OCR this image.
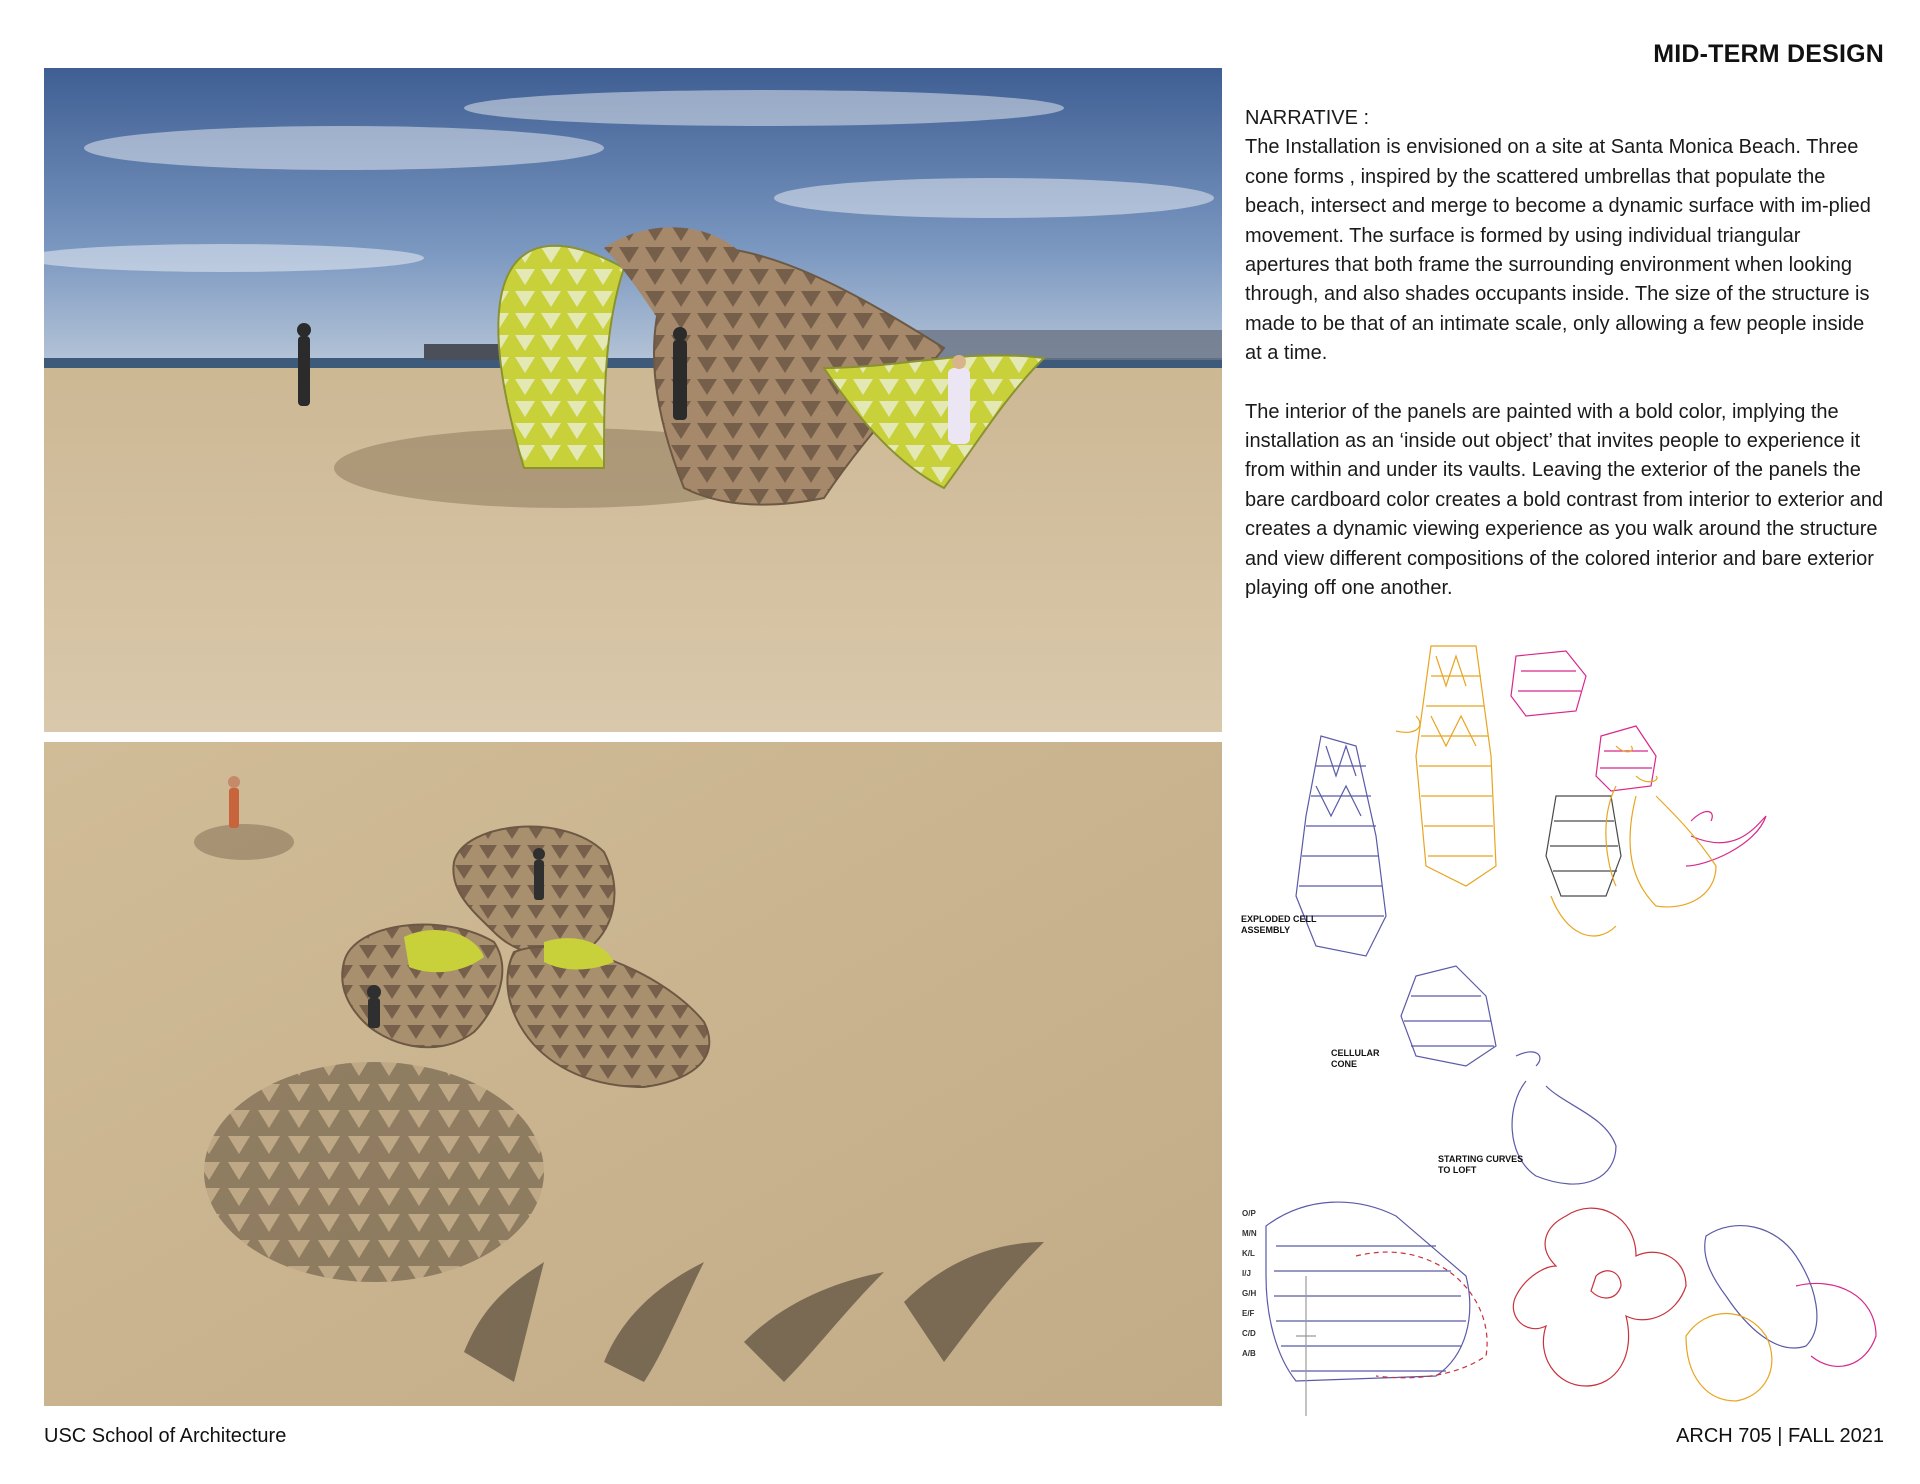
MID-TERM DESIGN

NARRATIVE :

The Installation is envisioned on a site at Santa Monica Beach. Three cone forms , inspired by the scattered umbrellas that populate the beach, intersect and merge to become a dynamic surface with im-plied movement. The surface is formed by using individual triangular apertures that both frame the surrounding environment when looking through, and also shades occupants inside. The size of the structure is made to be that of an intimate scale, only allowing a few people inside at a time.

The interior of the panels are painted with a bold color, implying the installation as an ‘inside out object’ that invites people to experience it from within and under its vaults. Leaving the exterior of the panels the bare cardboard color creates a bold contrast from interior to exterior and creates a dynamic viewing experience as you walk around the structure and view different compositions of the colored interior and bare exterior playing off one another.

EXPLODED CELL
ASSEMBLY
CELLULAR
CONE
STARTING CURVES
TO LOFT
O/P
M/N
K/L
I/J
G/H
E/F
C/D
A/B
USC School of Architecture	ARCH 705 | FALL 2021
